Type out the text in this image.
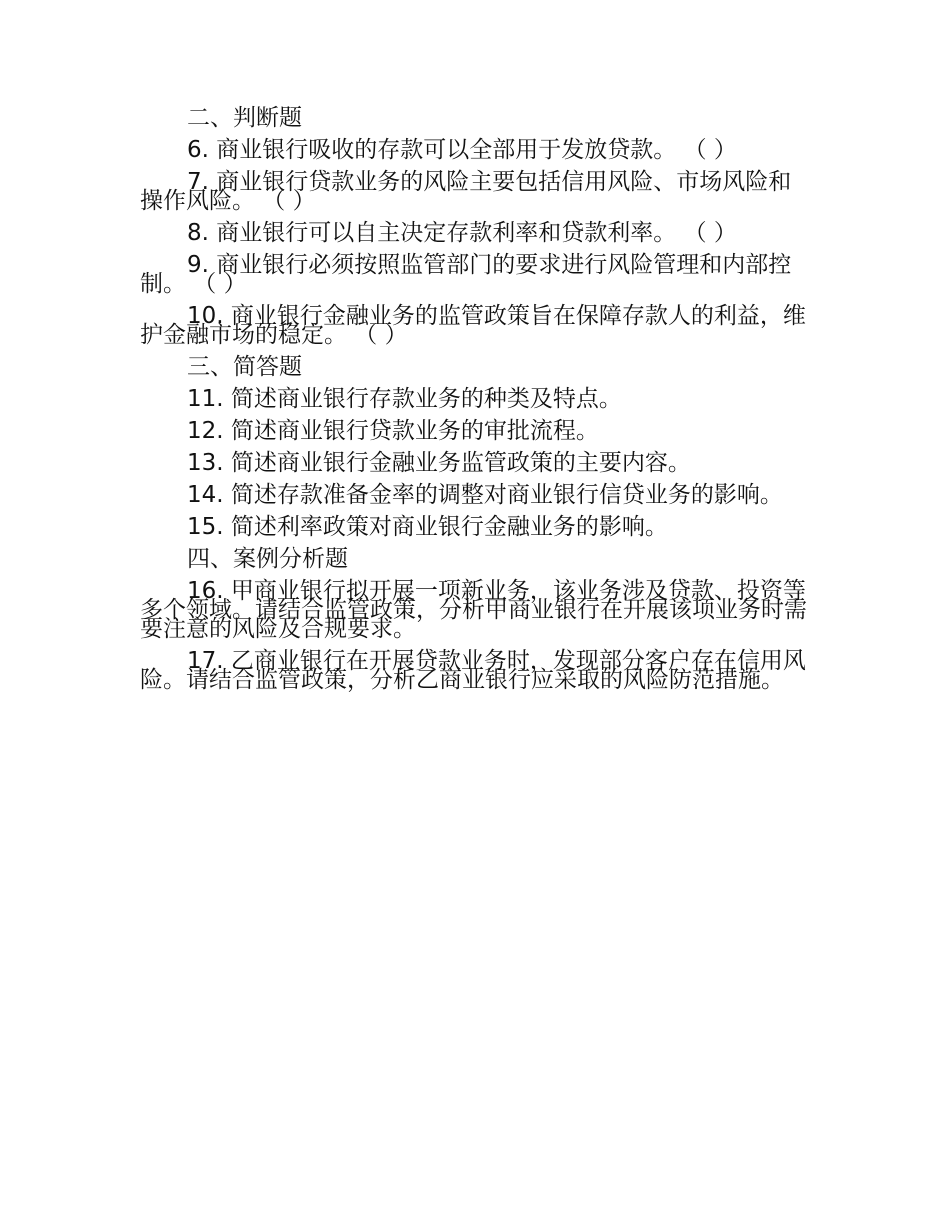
二、判断题

6. 商业银行吸收的存款可以全部用于发放贷款。 （ ）

7. 商业银行贷款业务的风险主要包括信用风险、市场风险和操作风险。 （ ）

8. 商业银行可以自主决定存款利率和贷款利率。 （ ）

9. 商业银行必须按照监管部门的要求进行风险管理和内部控制。 （ ）

10. 商业银行金融业务的监管政策旨在保障存款人的利益，维护金融市场的稳定。 （ ）

三、简答题

11. 简述商业银行存款业务的种类及特点。

12. 简述商业银行贷款业务的审批流程。

13. 简述商业银行金融业务监管政策的主要内容。

14. 简述存款准备金率的调整对商业银行信贷业务的影响。

15. 简述利率政策对商业银行金融业务的影响。

四、案例分析题

16. 甲商业银行拟开展一项新业务，该业务涉及贷款、投资等多个领域。请结合监管政策，分析甲商业银行在开展该项业务时需要注意的风险及合规要求。

17. 乙商业银行在开展贷款业务时，发现部分客户存在信用风险。请结合监管政策，分析乙商业银行应采取的风险防范措施。
